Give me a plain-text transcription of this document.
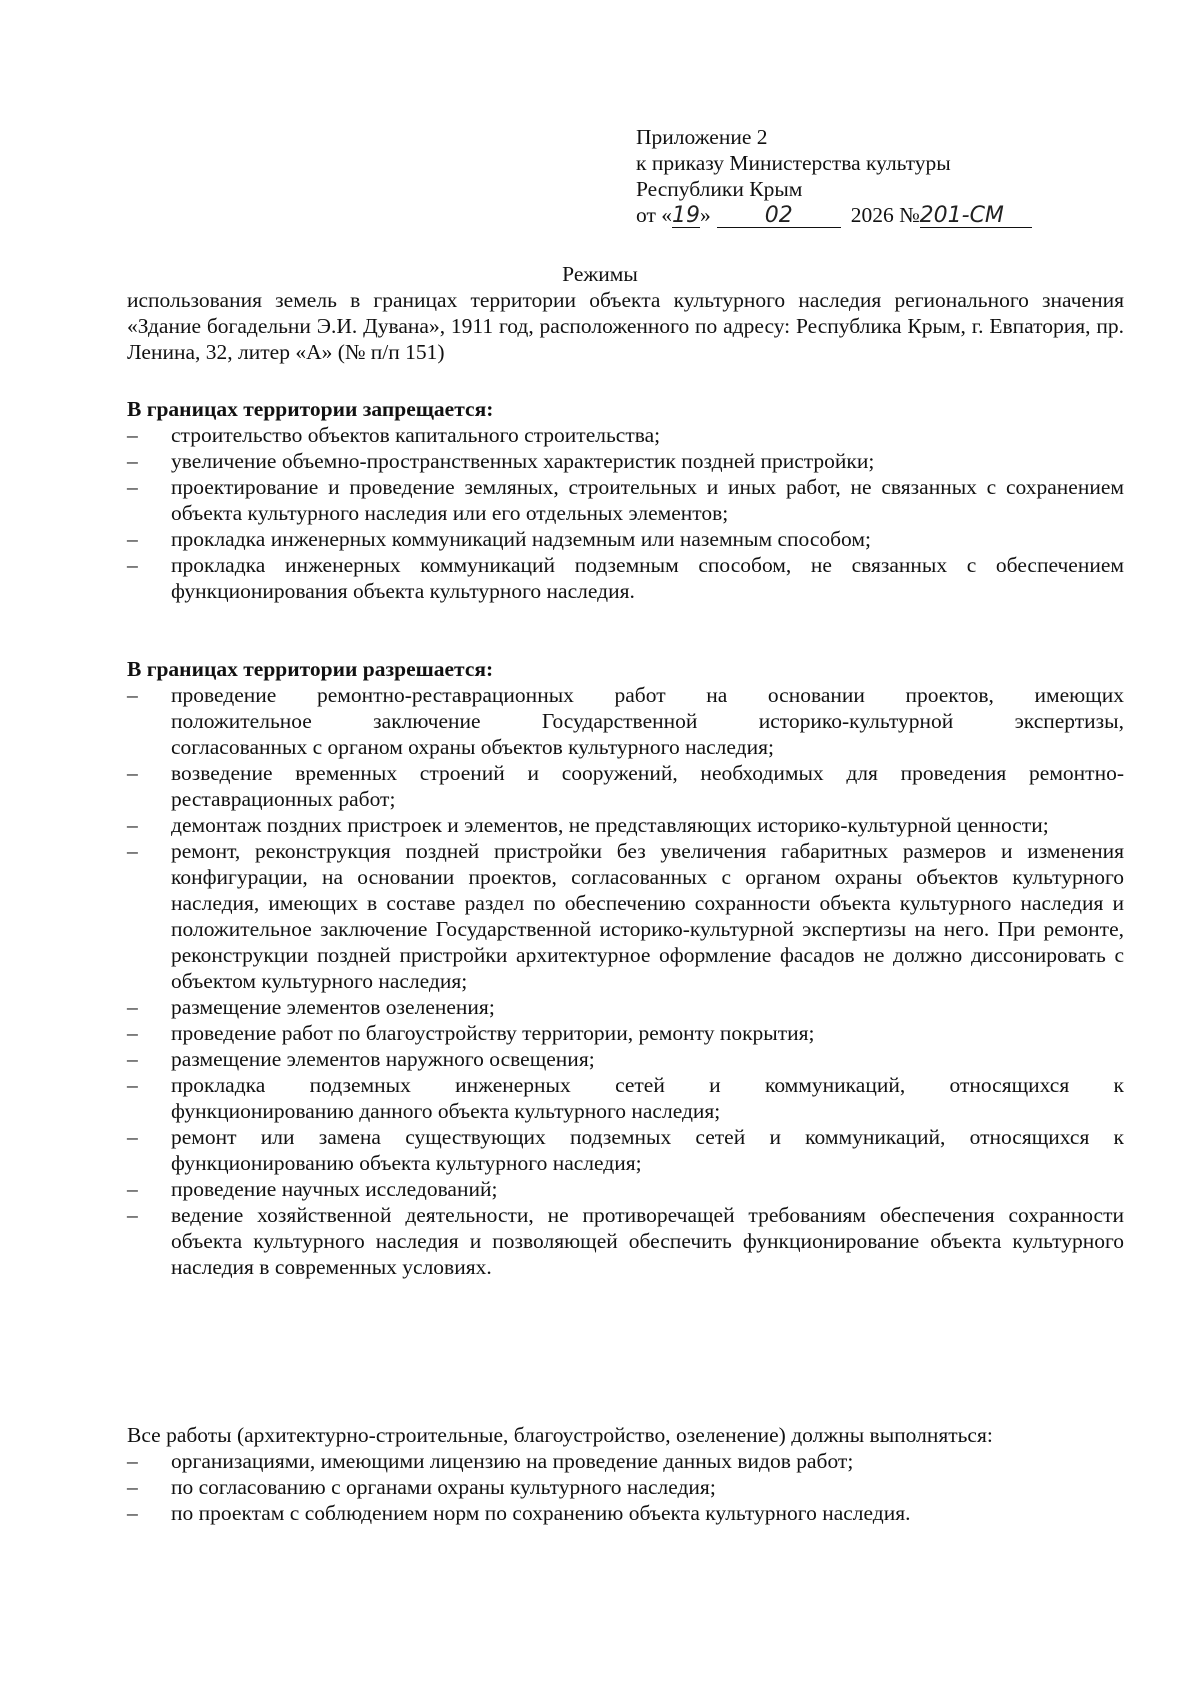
Приложение 2
к приказу Министерства культуры
Республики Крым
от «19» 02	2026 №201-СМ
Режимы
использования земель в границах территории объекта культурного наследия регионального значения «Здание богадельни Э.И. Дувана», 1911 год, расположенного по адресу: Республика Крым, г. Евпатория, пр. Ленина, 32, литер «А» (№ п/п 151)
В границах территории запрещается:
– строительство объектов капитального строительства;
– увеличение объемно-пространственных характеристик поздней пристройки;
– проектирование и проведение земляных, строительных и иных работ, не связанных с сохранением объекта культурного наследия или его отдельных элементов;
– прокладка инженерных коммуникаций надземным или наземным способом;
– прокладка инженерных коммуникаций подземным способом, не связанных с обеспечением функционирования объекта культурного наследия.
В границах территории разрешается:
– проведение ремонтно-реставрационных работ на основании проектов, имеющих
положительное заключение Государственной историко-культурной экспертизы,
согласованных с органом охраны объектов культурного наследия;
– возведение временных строений и сооружений, необходимых для проведения ремонтно-реставрационных работ;
– демонтаж поздних пристроек и элементов, не представляющих историко-культурной ценности;
– ремонт, реконструкция поздней пристройки без увеличения габаритных размеров и изменения конфигурации, на основании проектов, согласованных с органом охраны объектов культурного наследия, имеющих в составе раздел по обеспечению сохранности объекта культурного наследия и положительное заключение Государственной историко-культурной экспертизы на него. При ремонте, реконструкции поздней пристройки архитектурное оформление фасадов не должно диссонировать с объектом культурного наследия;
– размещение элементов озеленения;
– проведение работ по благоустройству территории, ремонту покрытия;
– размещение элементов наружного освещения;
– прокладка подземных инженерных сетей и коммуникаций, относящихся к
функционированию данного объекта культурного наследия;
– ремонт или замена существующих подземных сетей и коммуникаций, относящихся к функционированию объекта культурного наследия;
– проведение научных исследований;
– ведение хозяйственной деятельности, не противоречащей требованиям обеспечения сохранности объекта культурного наследия и позволяющей обеспечить функционирование объекта культурного наследия в современных условиях.
Все работы (архитектурно-строительные, благоустройство, озеленение) должны выполняться:
– организациями, имеющими лицензию на проведение данных видов работ;
– по согласованию с органами охраны культурного наследия;
– по проектам с соблюдением норм по сохранению объекта культурного наследия.
